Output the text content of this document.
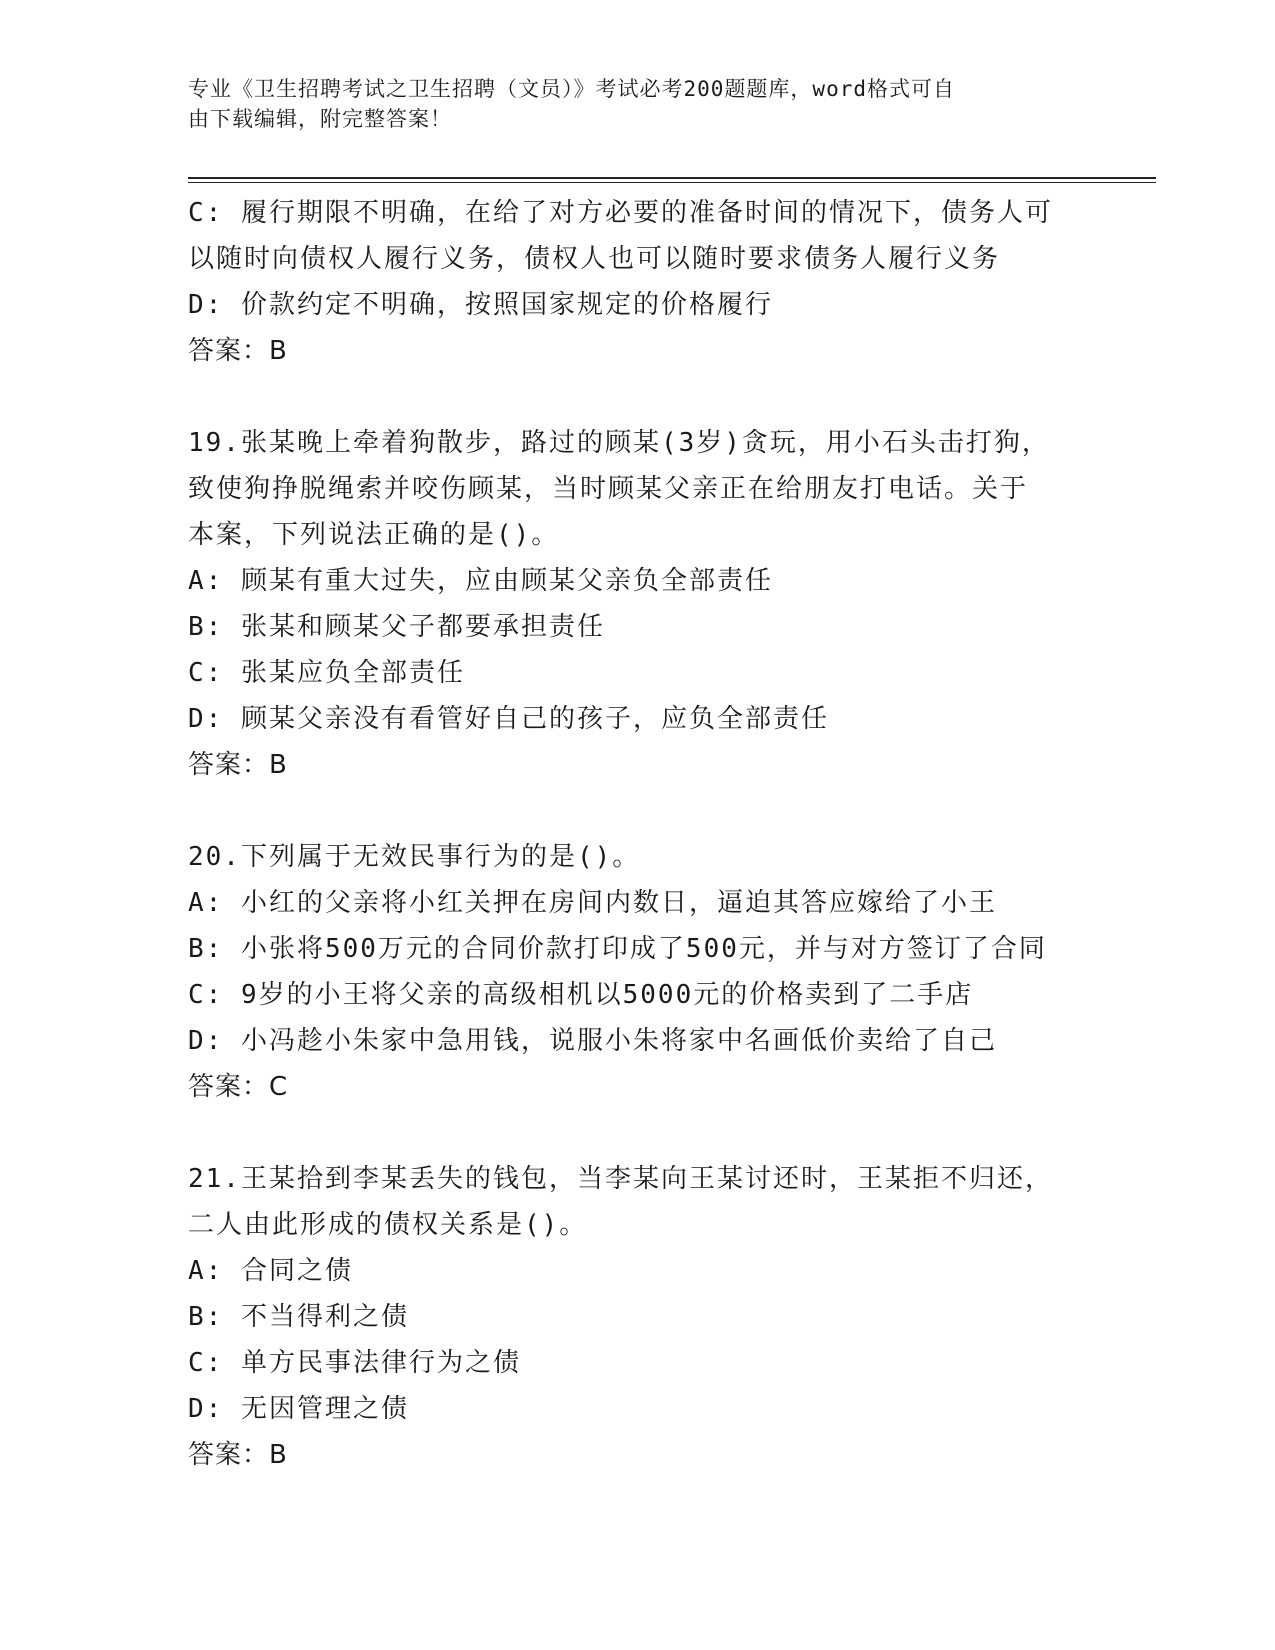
专业《卫生招聘考试之卫生招聘（文员）》考试必考200题题库，word格式可自
由下载编辑，附完整答案！

C: 履行期限不明确，在给了对方必要的准备时间的情况下，债务人可

以随时向债权人履行义务，债权人也可以随时要求债务人履行义务

D: 价款约定不明确，按照国家规定的价格履行

答案：B

19.张某晚上牵着狗散步，路过的顾某(3岁)贪玩，用小石头击打狗，

致使狗挣脱绳索并咬伤顾某，当时顾某父亲正在给朋友打电话。关于

本案，下列说法正确的是()。

A: 顾某有重大过失，应由顾某父亲负全部责任

B: 张某和顾某父子都要承担责任

C: 张某应负全部责任

D: 顾某父亲没有看管好自己的孩子，应负全部责任

答案：B

20.下列属于无效民事行为的是()。

A: 小红的父亲将小红关押在房间内数日，逼迫其答应嫁给了小王

B: 小张将500万元的合同价款打印成了500元，并与对方签订了合同

C: 9岁的小王将父亲的高级相机以5000元的价格卖到了二手店

D: 小冯趁小朱家中急用钱，说服小朱将家中名画低价卖给了自己

答案：C

21.王某拾到李某丢失的钱包，当李某向王某讨还时，王某拒不归还，

二人由此形成的债权关系是()。

A: 合同之债

B: 不当得利之债

C: 单方民事法律行为之债

D: 无因管理之债

答案：B
